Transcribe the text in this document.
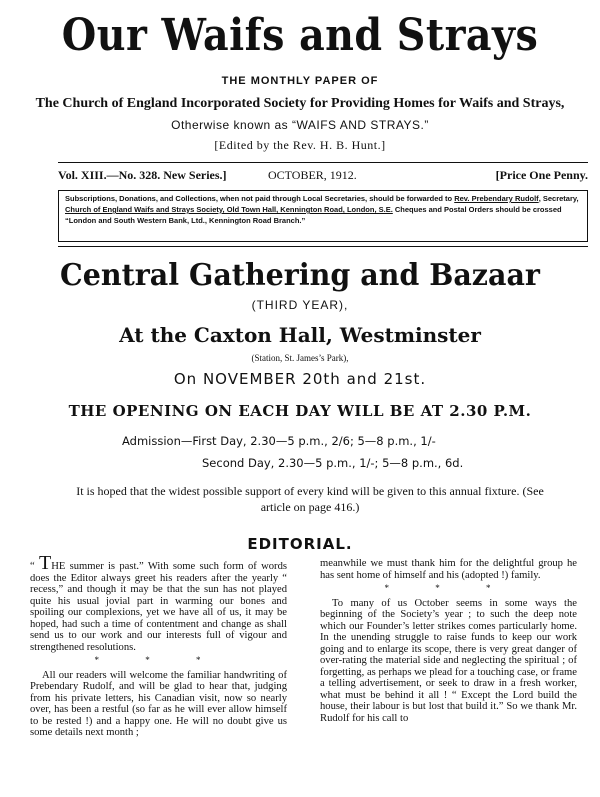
Our Waifs and Strays
THE MONTHLY PAPER OF
The Church of England Incorporated Society for Providing Homes for Waifs and Strays,
Otherwise known as “WAIFS AND STRAYS.”
[Edited by the Rev. H. B. Hunt.]
Vol. XIII.—No. 328. New Series.]	OCTOBER, 1912.	[Price One Penny.
Subscriptions, Donations, and Collections, when not paid through Local Secretaries, should be forwarded to Rev. Prebendary Rudolf, Secretary, Church of England Waifs and Strays Society, Old Town Hall, Kennington Road, London, S.E. Cheques and Postal Orders should be crossed “London and South Western Bank, Ltd., Kennington Road Branch.”
Central Gathering and Bazaar
(THIRD YEAR),
At the Caxton Hall, Westminster
(Station, St. James’s Park),
On NOVEMBER 20th and 21st.
THE OPENING ON EACH DAY WILL BE AT 2.30 P.M.
Admission—First Day, 2.30—5 p.m., 2/6; 5—8 p.m., 1/-
Second Day, 2.30—5 p.m., 1/-; 5—8 p.m., 6d.
It is hoped that the widest possible support of every kind will be given to this annual fixture. (See article on page 416.)
EDITORIAL.

“ THE summer is past.” With some such form of words does the Editor always greet his readers after the yearly “ recess,” and though it may be that the sun has not played quite his usual jovial part in warming our bones and spoiling our complexions, yet we have all of us, it may be hoped, had such a time of contentment and change as shall send us to our work and our interests full of vigour and strengthened resolutions.

* * *

All our readers will welcome the familiar handwriting of Prebendary Rudolf, and will be glad to hear that, judging from his private letters, his Canadian visit, now so nearly over, has been a restful (so far as he will ever allow himself to be rested !) and a happy one. He will no doubt give us some details next month ;

meanwhile we must thank him for the delightful group he has sent home of himself and his (adopted !) family.

* * *

To many of us October seems in some ways the beginning of the Society’s year ; to such the deep note which our Founder’s letter strikes comes particularly home. In the unending struggle to raise funds to keep our work going and to enlarge its scope, there is very great danger of over-rating the material side and neglecting the spiritual ; of forgetting, as perhaps we plead for a touching case, or frame a telling advertisement, or seek to draw in a fresh worker, what must be behind it all ! “ Except the Lord build the house, their labour is but lost that build it.” So we thank Mr. Rudolf for his call to
